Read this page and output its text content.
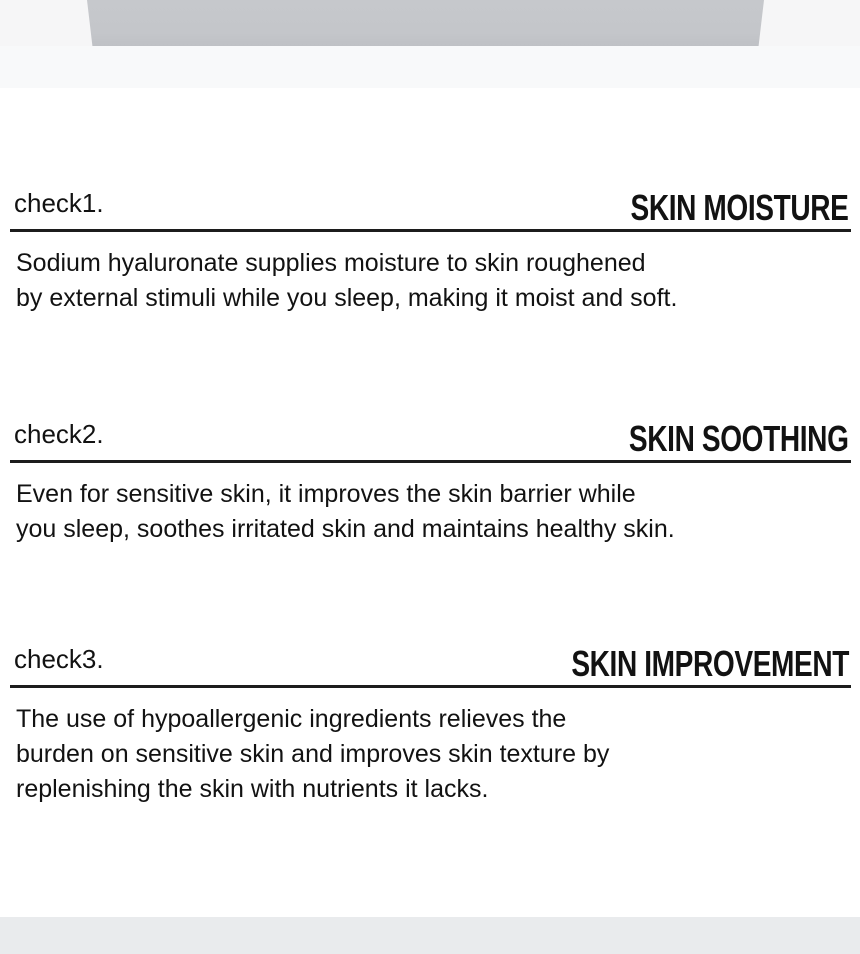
check1.	SKIN MOISTURE
Sodium hyaluronate supplies moisture to skin roughened
by external stimuli while you sleep, making it moist and soft.
check2.	SKIN SOOTHING
Even for sensitive skin, it improves the skin barrier while
you sleep, soothes irritated skin and maintains healthy skin.
check3.	SKIN IMPROVEMENT
The use of hypoallergenic ingredients relieves the
burden on sensitive skin and improves skin texture by
replenishing the skin with nutrients it lacks.
